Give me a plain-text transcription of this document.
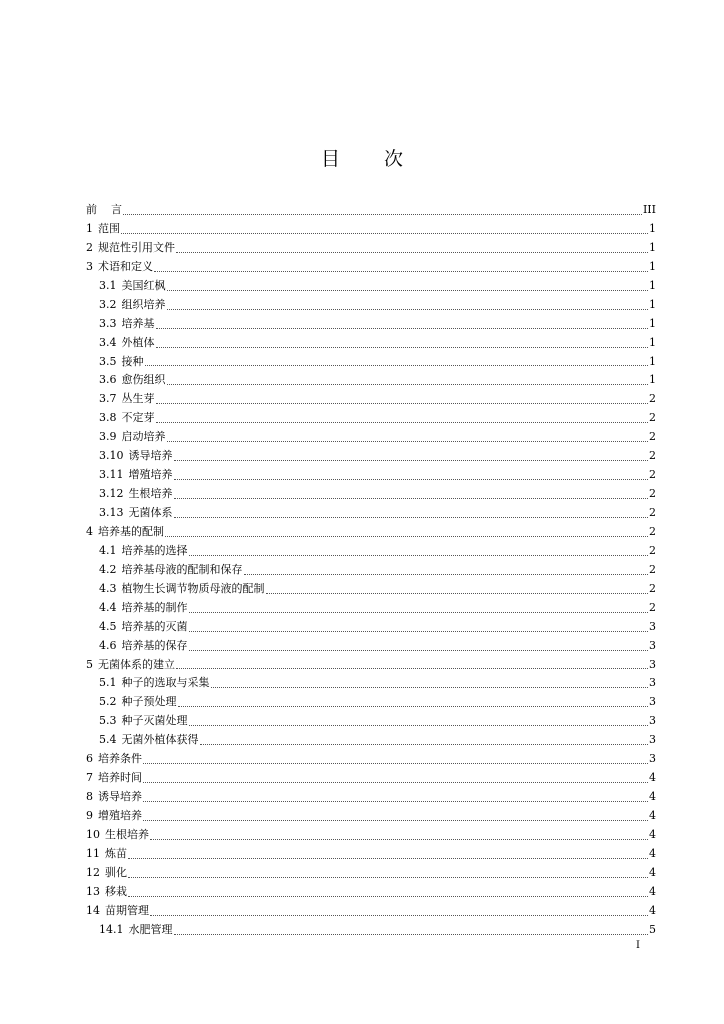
目 次
前    言	III
1 范围	1
2 规范性引用文件	1
3 术语和定义	1
3.1 美国红枫	1
3.2 组织培养	1
3.3 培养基	1
3.4 外植体	1
3.5 接种	1
3.6 愈伤组织	1
3.7 丛生芽	2
3.8 不定芽	2
3.9 启动培养	2
3.10 诱导培养	2
3.11 增殖培养	2
3.12 生根培养	2
3.13 无菌体系	2
4 培养基的配制	2
4.1 培养基的选择	2
4.2 培养基母液的配制和保存	2
4.3 植物生长调节物质母液的配制	2
4.4 培养基的制作	2
4.5 培养基的灭菌	3
4.6 培养基的保存	3
5 无菌体系的建立	3
5.1 种子的选取与采集	3
5.2 种子预处理	3
5.3 种子灭菌处理	3
5.4 无菌外植体获得	3
6 培养条件	3
7 培养时间	4
8 诱导培养	4
9 增殖培养	4
10 生根培养	4
11 炼苗	4
12 驯化	4
13 移栽	4
14 苗期管理	4
14.1 水肥管理	5
I
